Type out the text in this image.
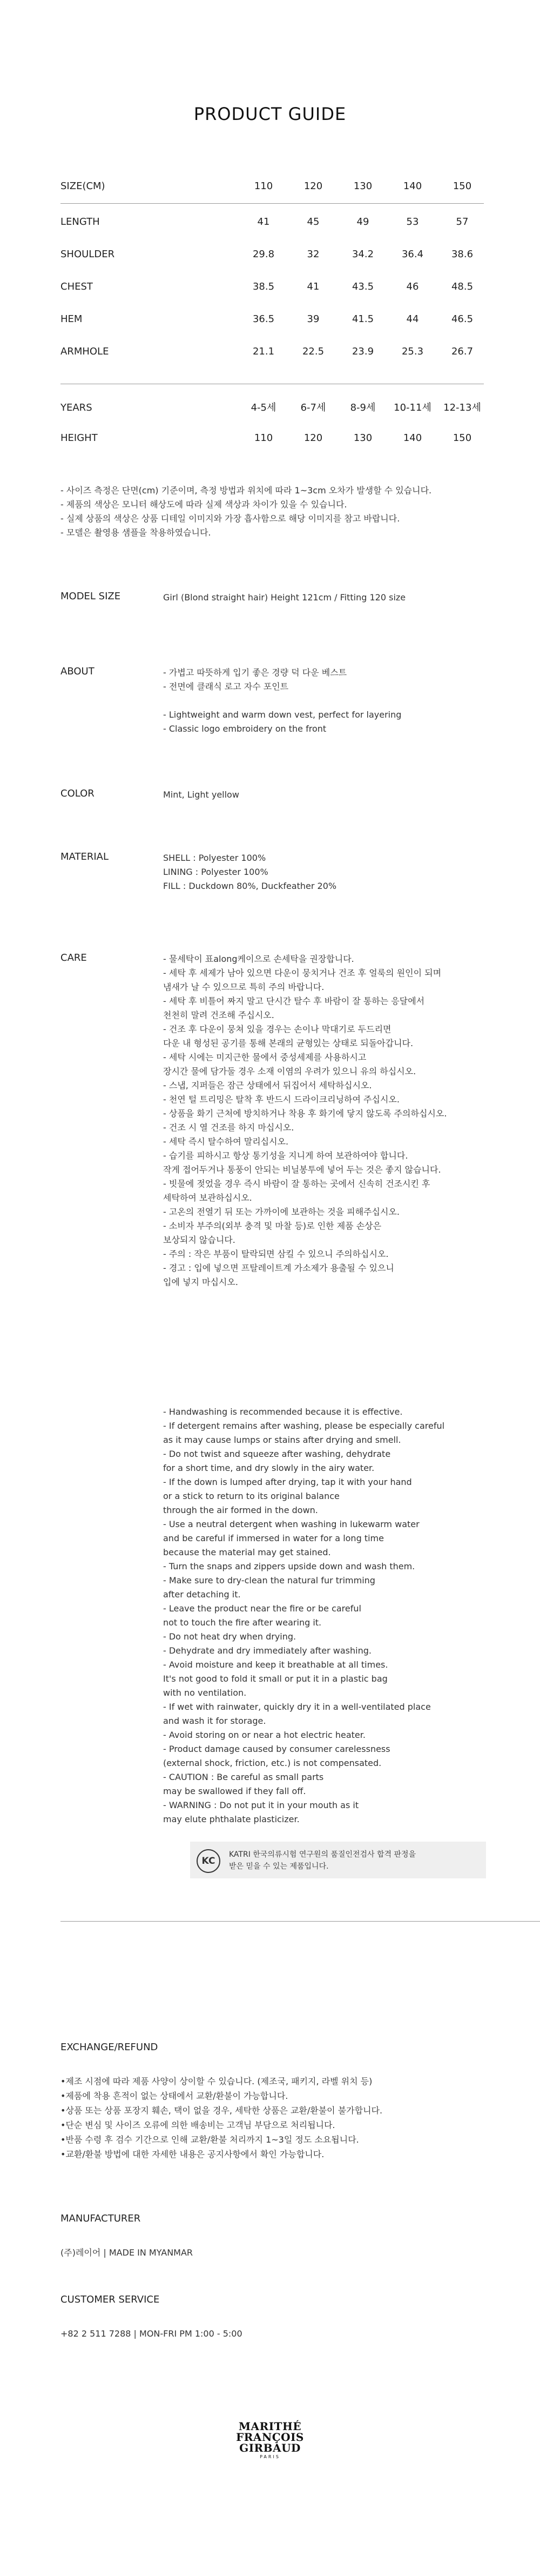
PRODUCT GUIDE
SIZE(CM)	110	120	130	140	150
LENGTH	41	45	49	53	57
SHOULDER	29.8	32	34.2	36.4	38.6
CHEST	38.5	41	43.5	46	48.5
HEM	36.5	39	41.5	44	46.5
ARMHOLE	21.1	22.5	23.9	25.3	26.7
YEARS	4-5세	6-7세	8-9세	10-11세 12-13세
HEIGHT	110	120	130	140	150
- 사이즈 측정은 단면(cm) 기준이며, 측정 방법과 위치에 따라 1~3cm 오차가 발생할 수 있습니다.
- 제품의 색상은 모니터 해상도에 따라 실제 색상과 차이가 있을 수 있습니다.
- 실제 상품의 색상은 상품 디테일 이미지와 가장 흡사함으로 해당 이미지를 참고 바랍니다.
- 모델은 촬영용 샘플을 착용하였습니다.
MODEL SIZE	Girl (Blond straight hair) Height 121cm / Fitting 120 size
ABOUT	- 가볍고 따뜻하게 입기 좋은 경량 덕 다운 베스트
- 전면에 클래식 로고 자수 포인트
- Lightweight and warm down vest, perfect for layering
- Classic logo embroidery on the front
COLOR	Mint, Light yellow
MATERIAL	SHELL : Polyester 100%
LINING : Polyester 100%
FILL : Duckdown 80%, Duckfeather 20%
CARE	- 물세탁이 표along케이으로 손세탁을 권장합니다.
- 세탁 후 세제가 남아 있으면 다운이 뭉치거나 건조 후 얼룩의 원인이 되며
냄새가 날 수 있으므로 특히 주의 바랍니다.
- 세탁 후 비틀어 짜지 말고 단시간 탈수 후 바람이 잘 통하는 응달에서
천천히 말려 건조해 주십시오.
- 건조 후 다운이 뭉쳐 있을 경우는 손이나 막대기로 두드리면
다운 내 형성된 공기를 통해 본래의 균형있는 상태로 되돌아갑니다.
- 세탁 시에는 미지근한 물에서 중성세제를 사용하시고
장시간 물에 담가둘 경우 소재 이염의 우려가 있으니 유의 하십시오.
- 스냅, 지퍼들은 잠근 상태에서 뒤집어서 세탁하십시오.
- 천연 털 트리밍은 탈착 후 반드시 드라이크리닝하여 주십시오.
- 상품을 화기 근처에 방치하거나 착용 후 화기에 닿지 않도록 주의하십시오.
- 건조 시 열 건조를 하지 마십시오.
- 세탁 즉시 탈수하여 말리십시오.
- 습기를 피하시고 항상 통기성을 지니게 하여 보관하여야 합니다.
작게 접어두거나 통풍이 안되는 비닐봉투에 넣어 두는 것은 좋지 않습니다.
- 빗물에 젖었을 경우 즉시 바람이 잘 통하는 곳에서 신속히 건조시킨 후
세탁하여 보관하십시오.
- 고온의 전열기 뒤 또는 가까이에 보관하는 것을 피해주십시오.
- 소비자 부주의(외부 충격 및 마찰 등)로 인한 제품 손상은
보상되지 않습니다.
- 주의 : 작은 부품이 탈락되면 삼킬 수 있으니 주의하십시오.
- 경고 : 입에 넣으면 프탈레이트계 가소제가 용출될 수 있으니
입에 넣지 마십시오.
- Handwashing is recommended because it is effective.
- If detergent remains after washing, please be especially careful
as it may cause lumps or stains after drying and smell.
- Do not twist and squeeze after washing, dehydrate
for a short time, and dry slowly in the airy water.
- If the down is lumped after drying, tap it with your hand
or a stick to return to its original balance
through the air formed in the down.
- Use a neutral detergent when washing in lukewarm water
and be careful if immersed in water for a long time
because the material may get stained.
- Turn the snaps and zippers upside down and wash them.
- Make sure to dry-clean the natural fur trimming
after detaching it.
- Leave the product near the fire or be careful
not to touch the fire after wearing it.
- Do not heat dry when drying.
- Dehydrate and dry immediately after washing.
- Avoid moisture and keep it breathable at all times.
It's not good to fold it small or put it in a plastic bag
with no ventilation.
- If wet with rainwater, quickly dry it in a well-ventilated place
and wash it for storage.
- Avoid storing on or near a hot electric heater.
- Product damage caused by consumer carelessness
(external shock, friction, etc.) is not compensated.
- CAUTION : Be careful as small parts
may be swallowed if they fall off.
- WARNING : Do not put it in your mouth as it
may elute phthalate plasticizer.
KC
KATRI 한국의류시험 연구원의 품질인전검사 합격 판정을
받은 믿을 수 있는 제품입니다.
EXCHANGE/REFUND
•제조 시점에 따라 제품 사양이 상이할 수 있습니다. (제조국, 패키지, 라벨 위치 등)
•제품에 착용 흔적이 없는 상태에서 교환/환불이 가능합니다.
•상품 또는 상품 포장지 훼손, 택이 없을 경우, 세탁한 상품은 교환/환불이 불가합니다.
•단순 변심 및 사이즈 오류에 의한 배송비는 고객님 부담으로 처리됩니다.
•반품 수령 후 검수 기간으로 인해 교환/환불 처리까지 1~3일 정도 소요됩니다.
•교환/환불 방법에 대한 자세한 내용은 공지사항에서 확인 가능합니다.
MANUFACTURER
(주)레이어 | MADE IN MYANMAR
CUSTOMER SERVICE
+82 2 511 7288 | MON-FRI PM 1:00 - 5:00
MARITHÉ
FRANÇOIS
GIRBAUD
PARIS
